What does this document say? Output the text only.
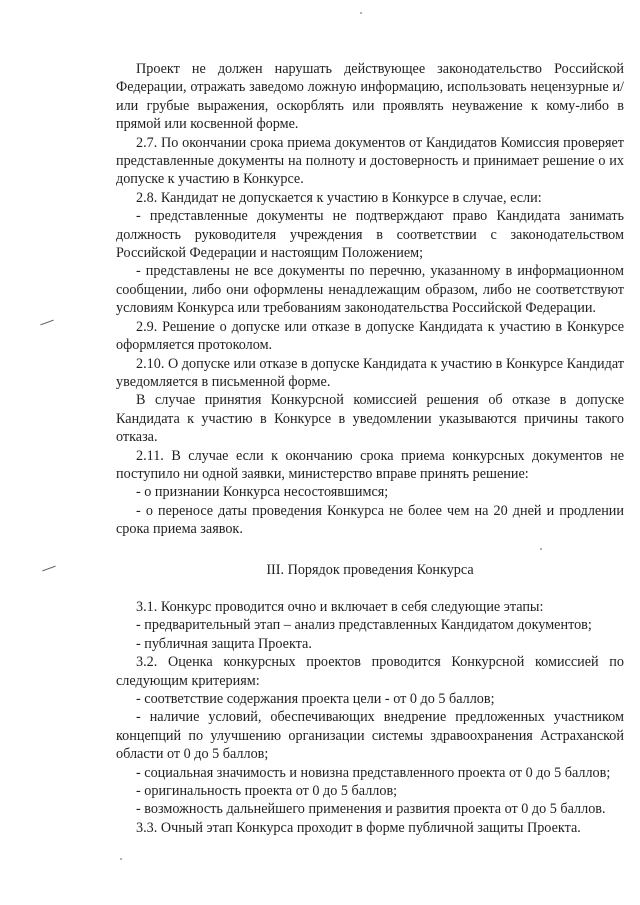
Проект не должен нарушать действующее законодательство Российской Федерации, отражать заведомо ложную информацию, использовать нецензурные и/или грубые выражения, оскорблять или проявлять неуважение к кому-либо в прямой или косвенной форме.

2.7. По окончании срока приема документов от Кандидатов Комиссия проверяет представленные документы на полноту и достоверность и принимает решение о их допуске к участию в Конкурсе.

2.8. Кандидат не допускается к участию в Конкурсе в случае, если:

- представленные документы не подтверждают право Кандидата занимать должность руководителя учреждения в соответствии с законодательством Российской Федерации и настоящим Положением;

- представлены не все документы по перечню, указанному в информационном сообщении, либо они оформлены ненадлежащим образом, либо не соответствуют условиям Конкурса или требованиям законодательства Российской Федерации.

2.9. Решение о допуске или отказе в допуске Кандидата к участию в Конкурсе оформляется протоколом.

2.10. О допуске или отказе в допуске Кандидата к участию в Конкурсе Кандидат уведомляется в письменной форме.

В случае принятия Конкурсной комиссией решения об отказе в допуске Кандидата к участию в Конкурсе в уведомлении указываются причины такого отказа.

2.11. В случае если к окончанию срока приема конкурсных документов не поступило ни одной заявки, министерство вправе принять решение:

- о признании Конкурса несостоявшимся;

- о переносе даты проведения Конкурса не более чем на 20 дней и продлении срока приема заявок.

III. Порядок проведения Конкурса

3.1. Конкурс проводится очно и включает в себя следующие этапы:

- предварительный этап – анализ представленных Кандидатом документов;

- публичная защита Проекта.

3.2. Оценка конкурсных проектов проводится Конкурсной комиссией по следующим критериям:

- соответствие содержания проекта цели - от 0 до 5 баллов;

- наличие условий, обеспечивающих внедрение предложенных участником концепций по улучшению организации системы здравоохранения Астраханской области от 0 до 5 баллов;

- социальная значимость и новизна представленного проекта от 0 до 5 баллов;

- оригинальность проекта от 0 до 5 баллов;

- возможность дальнейшего применения и развития проекта от 0 до 5 баллов.

3.3. Очный этап Конкурса проходит в форме публичной защиты Проекта.
